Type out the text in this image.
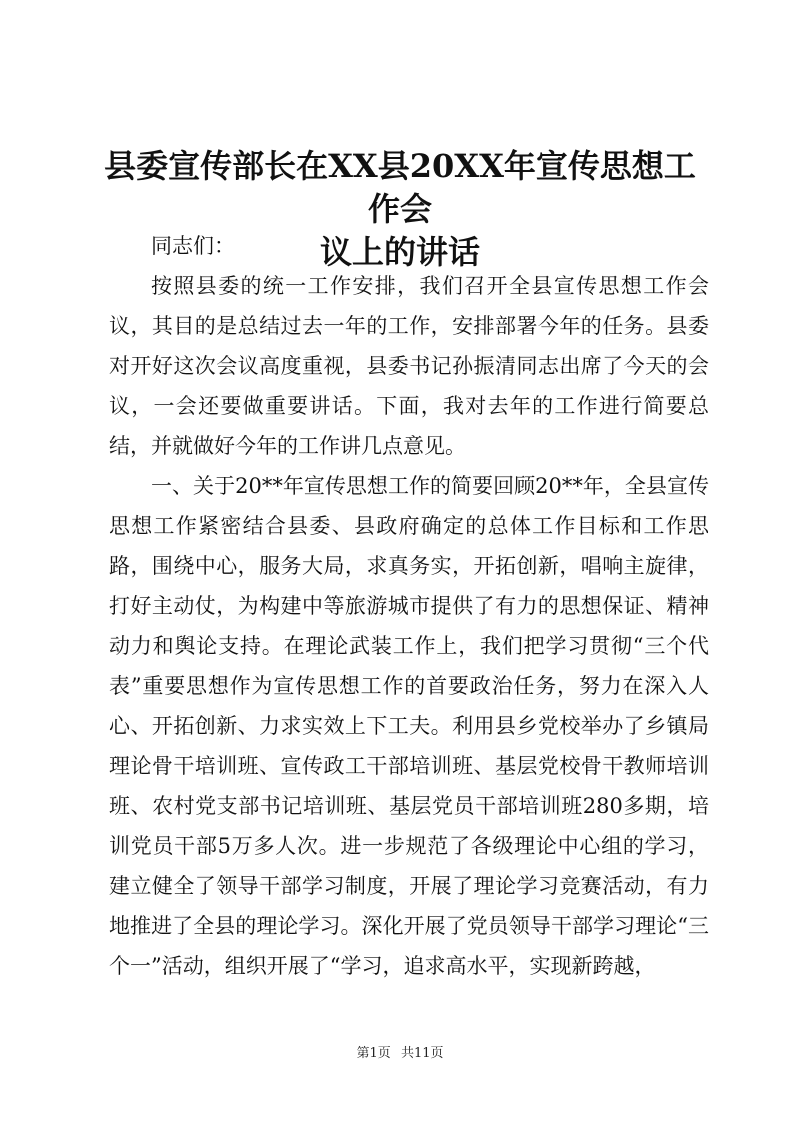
县委宣传部长在XX县20XX年宣传思想工作会
议上的讲话

同志们：

按照县委的统一工作安排，我们召开全县宣传思想工作会议，其目的是总结过去一年的工作，安排部署今年的任务。县委对开好这次会议高度重视，县委书记孙振清同志出席了今天的会议，一会还要做重要讲话。下面，我对去年的工作进行简要总结，并就做好今年的工作讲几点意见。

一、关于20**年宣传思想工作的简要回顾20**年，全县宣传思想工作紧密结合县委、县政府确定的总体工作目标和工作思路，围绕中心，服务大局，求真务实，开拓创新，唱响主旋律，打好主动仗，为构建中等旅游城市提供了有力的思想保证、精神动力和舆论支持。在理论武装工作上，我们把学习贯彻“三个代表”重要思想作为宣传思想工作的首要政治任务，努力在深入人心、开拓创新、力求实效上下工夫。利用县乡党校举办了乡镇局理论骨干培训班、宣传政工干部培训班、基层党校骨干教师培训班、农村党支部书记培训班、基层党员干部培训班280多期，培训党员干部5万多人次。进一步规范了各级理论中心组的学习，建立健全了领导干部学习制度，开展了理论学习竞赛活动，有力地推进了全县的理论学习。深化开展了党员领导干部学习理论“三个一”活动，组织开展了“学习，追求高水平，实现新跨越，

第1页 共11页
